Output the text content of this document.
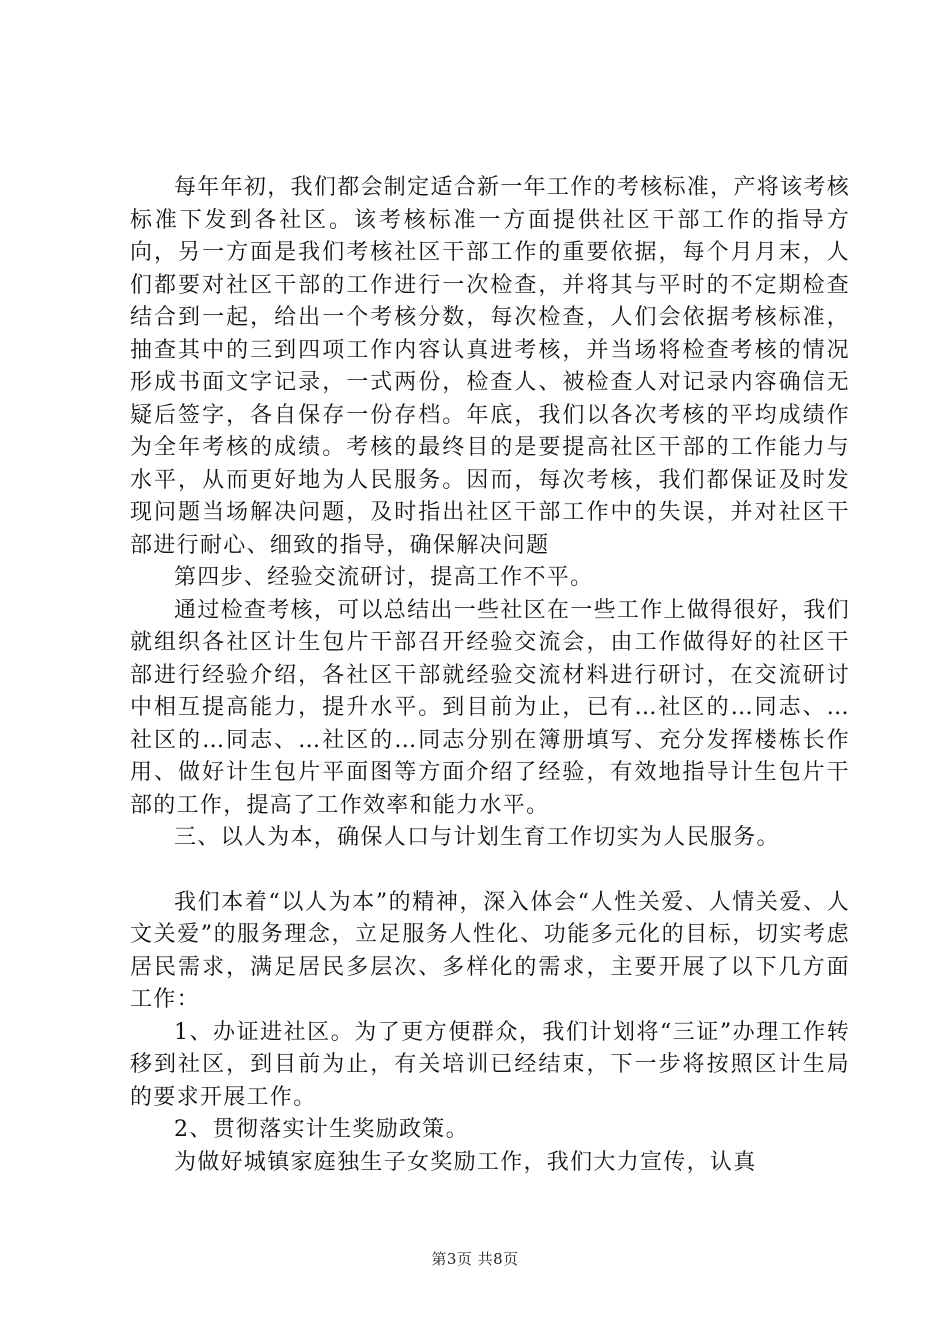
每年年初，我们都会制定适合新一年工作的考核标准，产将该考核标准下发到各社区。该考核标准一方面提供社区干部工作的指导方向，另一方面是我们考核社区干部工作的重要依据，每个月月末，人们都要对社区干部的工作进行一次检查，并将其与平时的不定期检查结合到一起，给出一个考核分数，每次检查，人们会依据考核标准，抽查其中的三到四项工作内容认真进考核，并当场将检查考核的情况形成书面文字记录，一式两份，检查人、被检查人对记录内容确信无疑后签字，各自保存一份存档。年底，我们以各次考核的平均成绩作为全年考核的成绩。考核的最终目的是要提高社区干部的工作能力与水平，从而更好地为人民服务。因而，每次考核，我们都保证及时发现问题当场解决问题，及时指出社区干部工作中的失误，并对社区干部进行耐心、细致的指导，确保解决问题

第四步、经验交流研讨，提高工作不平。

通过检查考核，可以总结出一些社区在一些工作上做得很好，我们就组织各社区计生包片干部召开经验交流会，由工作做得好的社区干部进行经验介绍，各社区干部就经验交流材料进行研讨，在交流研讨中相互提高能力，提升水平。到目前为止，已有…社区的…同志、…社区的…同志、…社区的…同志分别在簿册填写、充分发挥楼栋长作用、做好计生包片平面图等方面介绍了经验，有效地指导计生包片干部的工作，提高了工作效率和能力水平。

三、以人为本，确保人口与计划生育工作切实为人民服务。

我们本着“以人为本”的精神，深入体会“人性关爱、人情关爱、人文关爱”的服务理念，立足服务人性化、功能多元化的目标，切实考虑居民需求，满足居民多层次、多样化的需求，主要开展了以下几方面工作：

1、办证进社区。为了更方便群众，我们计划将“三证”办理工作转移到社区，到目前为止，有关培训已经结束，下一步将按照区计生局的要求开展工作。

2、贯彻落实计生奖励政策。

为做好城镇家庭独生子女奖励工作，我们大力宣传，认真

第3页 共8页
